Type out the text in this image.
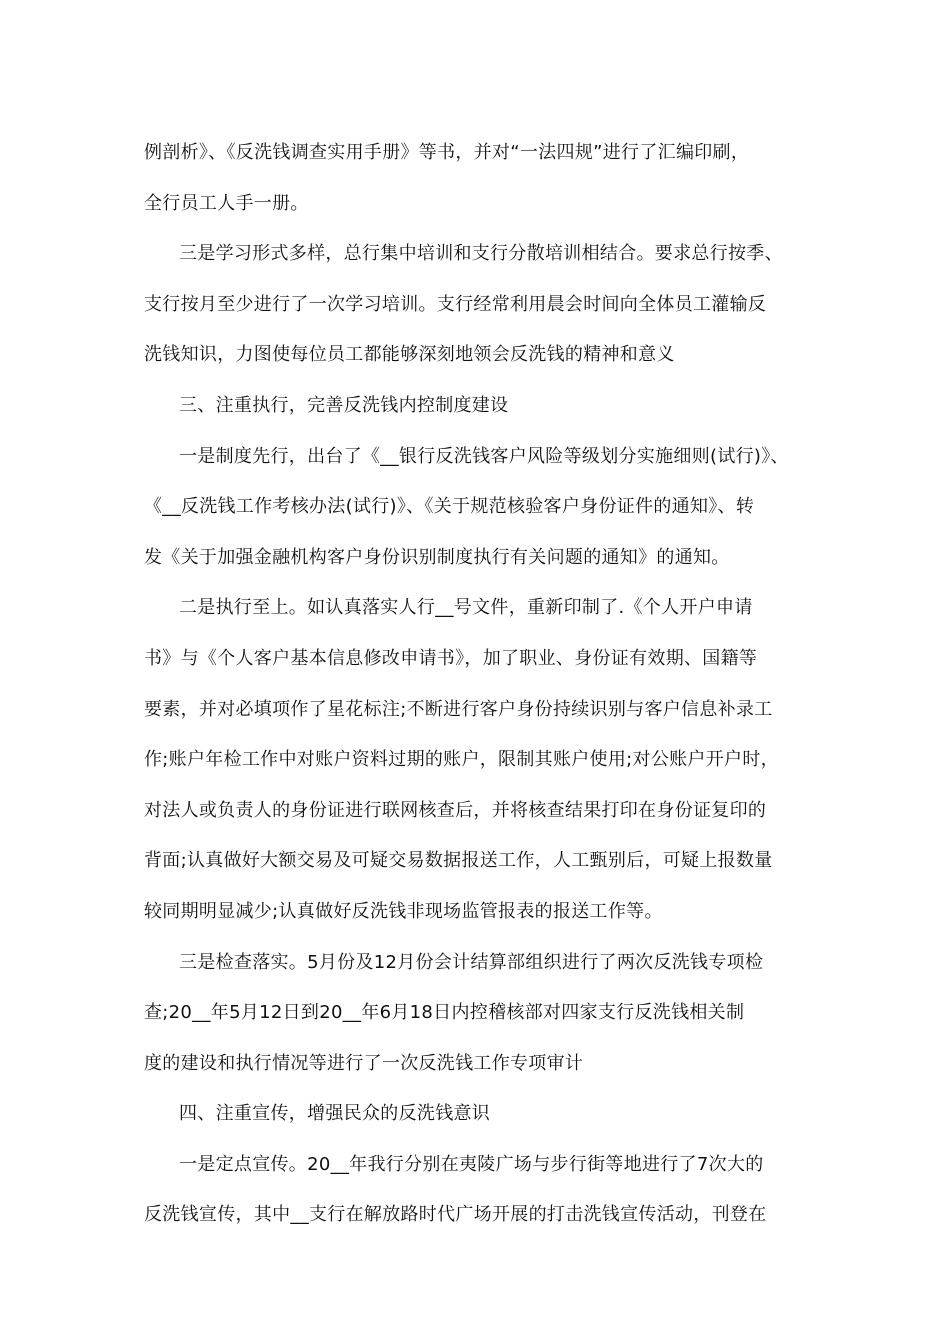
例剖析》、《反洗钱调查实用手册》等书，并对“一法四规”进行了汇编印刷，
全行员工人手一册。
三是学习形式多样，总行集中培训和支行分散培训相结合。要求总行按季、
支行按月至少进行了一次学习培训。支行经常利用晨会时间向全体员工灌输反
洗钱知识，力图使每位员工都能够深刻地领会反洗钱的精神和意义
三、注重执行，完善反洗钱内控制度建设
一是制度先行，出台了《__银行反洗钱客户风险等级划分实施细则(试行)》、
《__反洗钱工作考核办法(试行)》、《关于规范核验客户身份证件的通知》、转
发《关于加强金融机构客户身份识别制度执行有关问题的通知》的通知。
二是执行至上。如认真落实人行__号文件，重新印制了.《个人开户申请
书》与《个人客户基本信息修改申请书》，加了职业、身份证有效期、国籍等
要素，并对必填项作了星花标注;不断进行客户身份持续识别与客户信息补录工
作;账户年检工作中对账户资料过期的账户，限制其账户使用;对公账户开户时，
对法人或负责人的身份证进行联网核查后，并将核查结果打印在身份证复印的
背面;认真做好大额交易及可疑交易数据报送工作，人工甄别后，可疑上报数量
较同期明显减少;认真做好反洗钱非现场监管报表的报送工作等。
三是检查落实。5月份及12月份会计结算部组织进行了两次反洗钱专项检
查;20__年5月12日到20__年6月18日内控稽核部对四家支行反洗钱相关制
度的建设和执行情况等进行了一次反洗钱工作专项审计
四、注重宣传，增强民众的反洗钱意识
一是定点宣传。20__年我行分别在夷陵广场与步行街等地进行了7次大的
反洗钱宣传，其中__支行在解放路时代广场开展的打击洗钱宣传活动，刊登在
